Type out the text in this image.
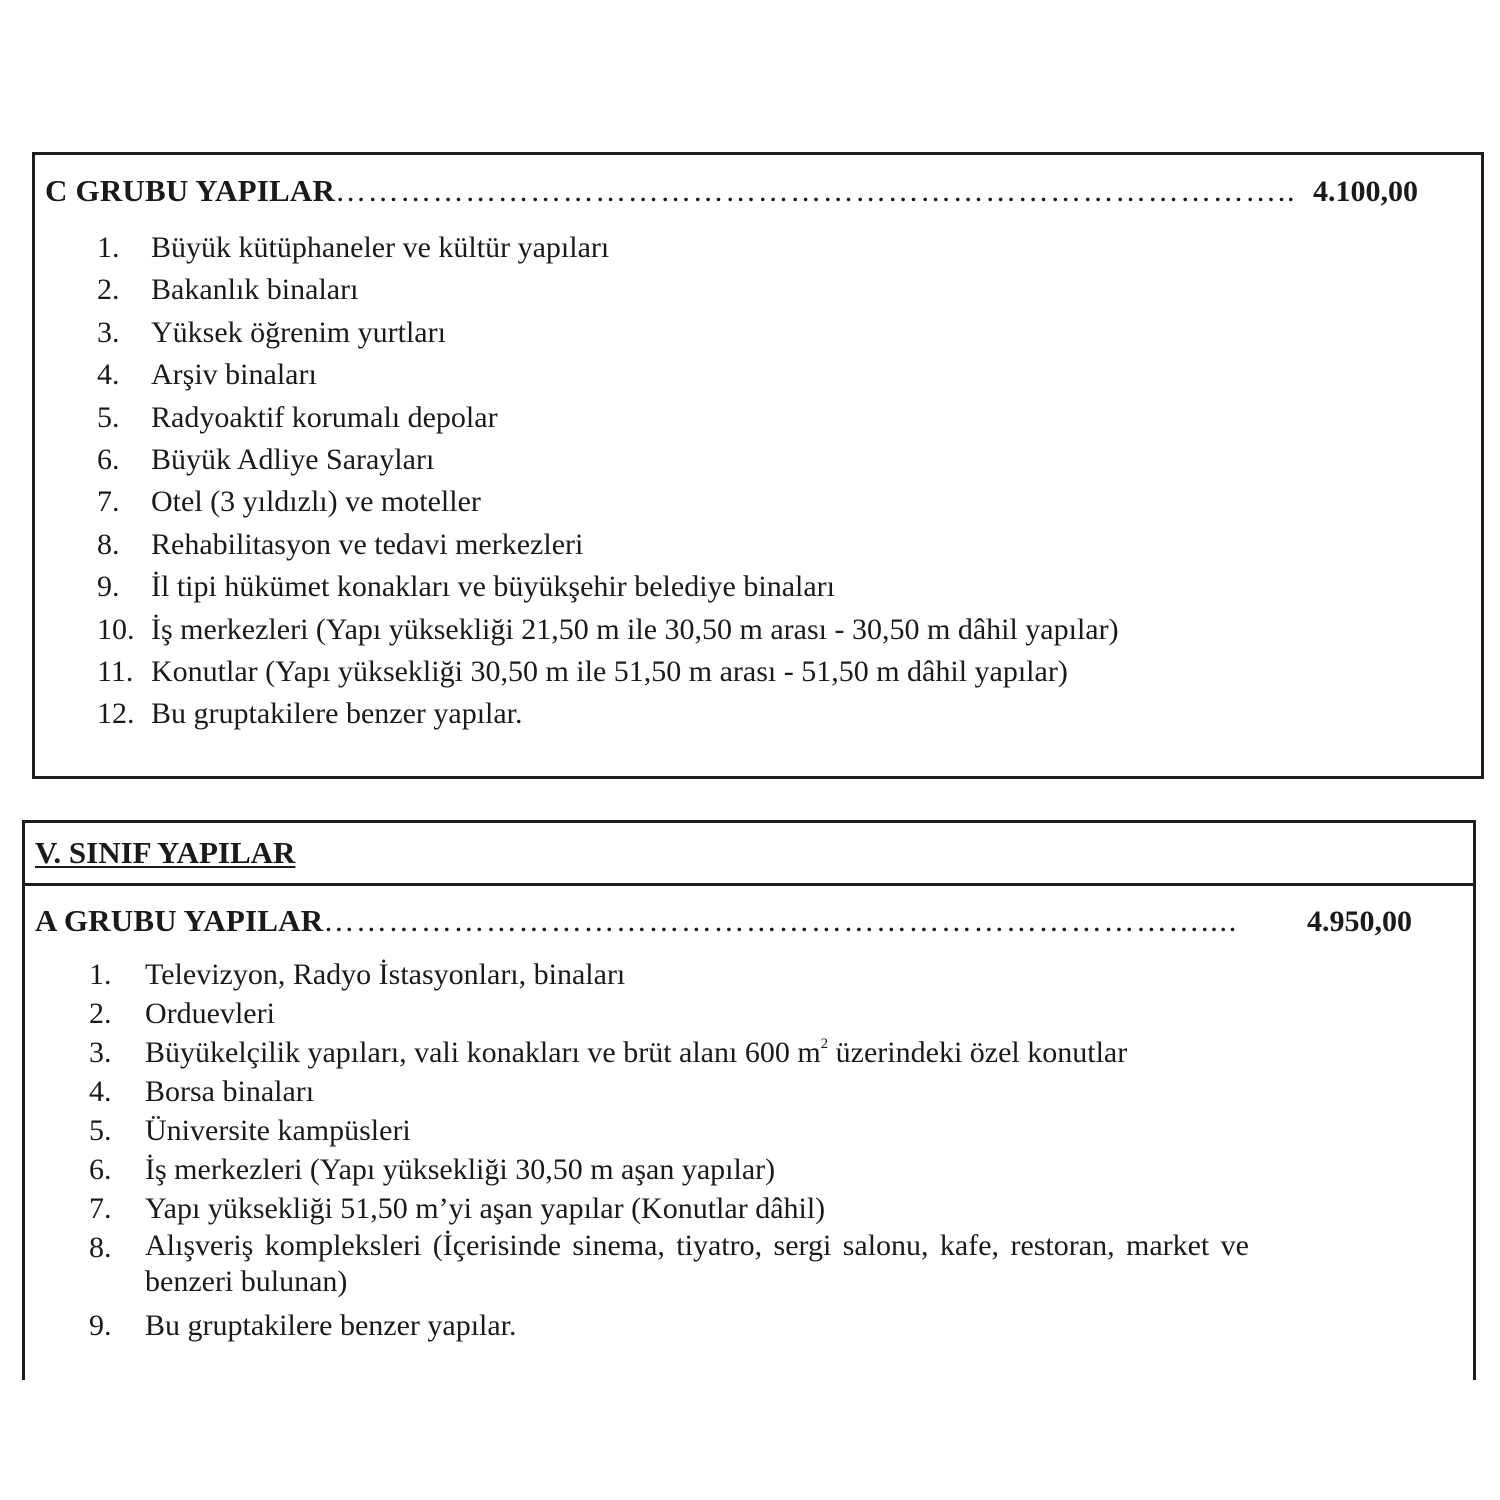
C GRUBU YAPILAR…………………………………………………………………………….. 4.100,00
1. Büyük kütüphaneler ve kültür yapıları
2. Bakanlık binaları
3. Yüksek öğrenim yurtları
4. Arşiv binaları
5. Radyoaktif korumalı depolar
6. Büyük Adliye Sarayları
7. Otel (3 yıldızlı) ve moteller
8. Rehabilitasyon ve tedavi merkezleri
9. İl tipi hükümet konakları ve büyükşehir belediye binaları
10. İş merkezleri (Yapı yüksekliği 21,50 m ile 30,50 m arası - 30,50 m dâhil yapılar)
11. Konutlar (Yapı yüksekliği 30,50 m ile 51,50 m arası - 51,50 m dâhil yapılar)
12. Bu gruptakilere benzer yapılar.
V. SINIF YAPILAR
A GRUBU YAPILAR……………………………………………………………………….... 4.950,00
1. Televizyon, Radyo İstasyonları, binaları
2. Orduevleri
3. Büyükelçilik yapıları, vali konakları ve brüt alanı 600 $m^2$ üzerindeki özel konutlar
4. Borsa binaları
5. Üniversite kampüsleri
6. İş merkezleri (Yapı yüksekliği 30,50 m aşan yapılar)
7. Yapı yüksekliği 51,50 m’yi aşan yapılar (Konutlar dâhil)
8. Alışveriş kompleksleri (İçerisinde sinema, tiyatro, sergi salonu, kafe, restoran, market ve benzeri bulunan)
9. Bu gruptakilere benzer yapılar.
